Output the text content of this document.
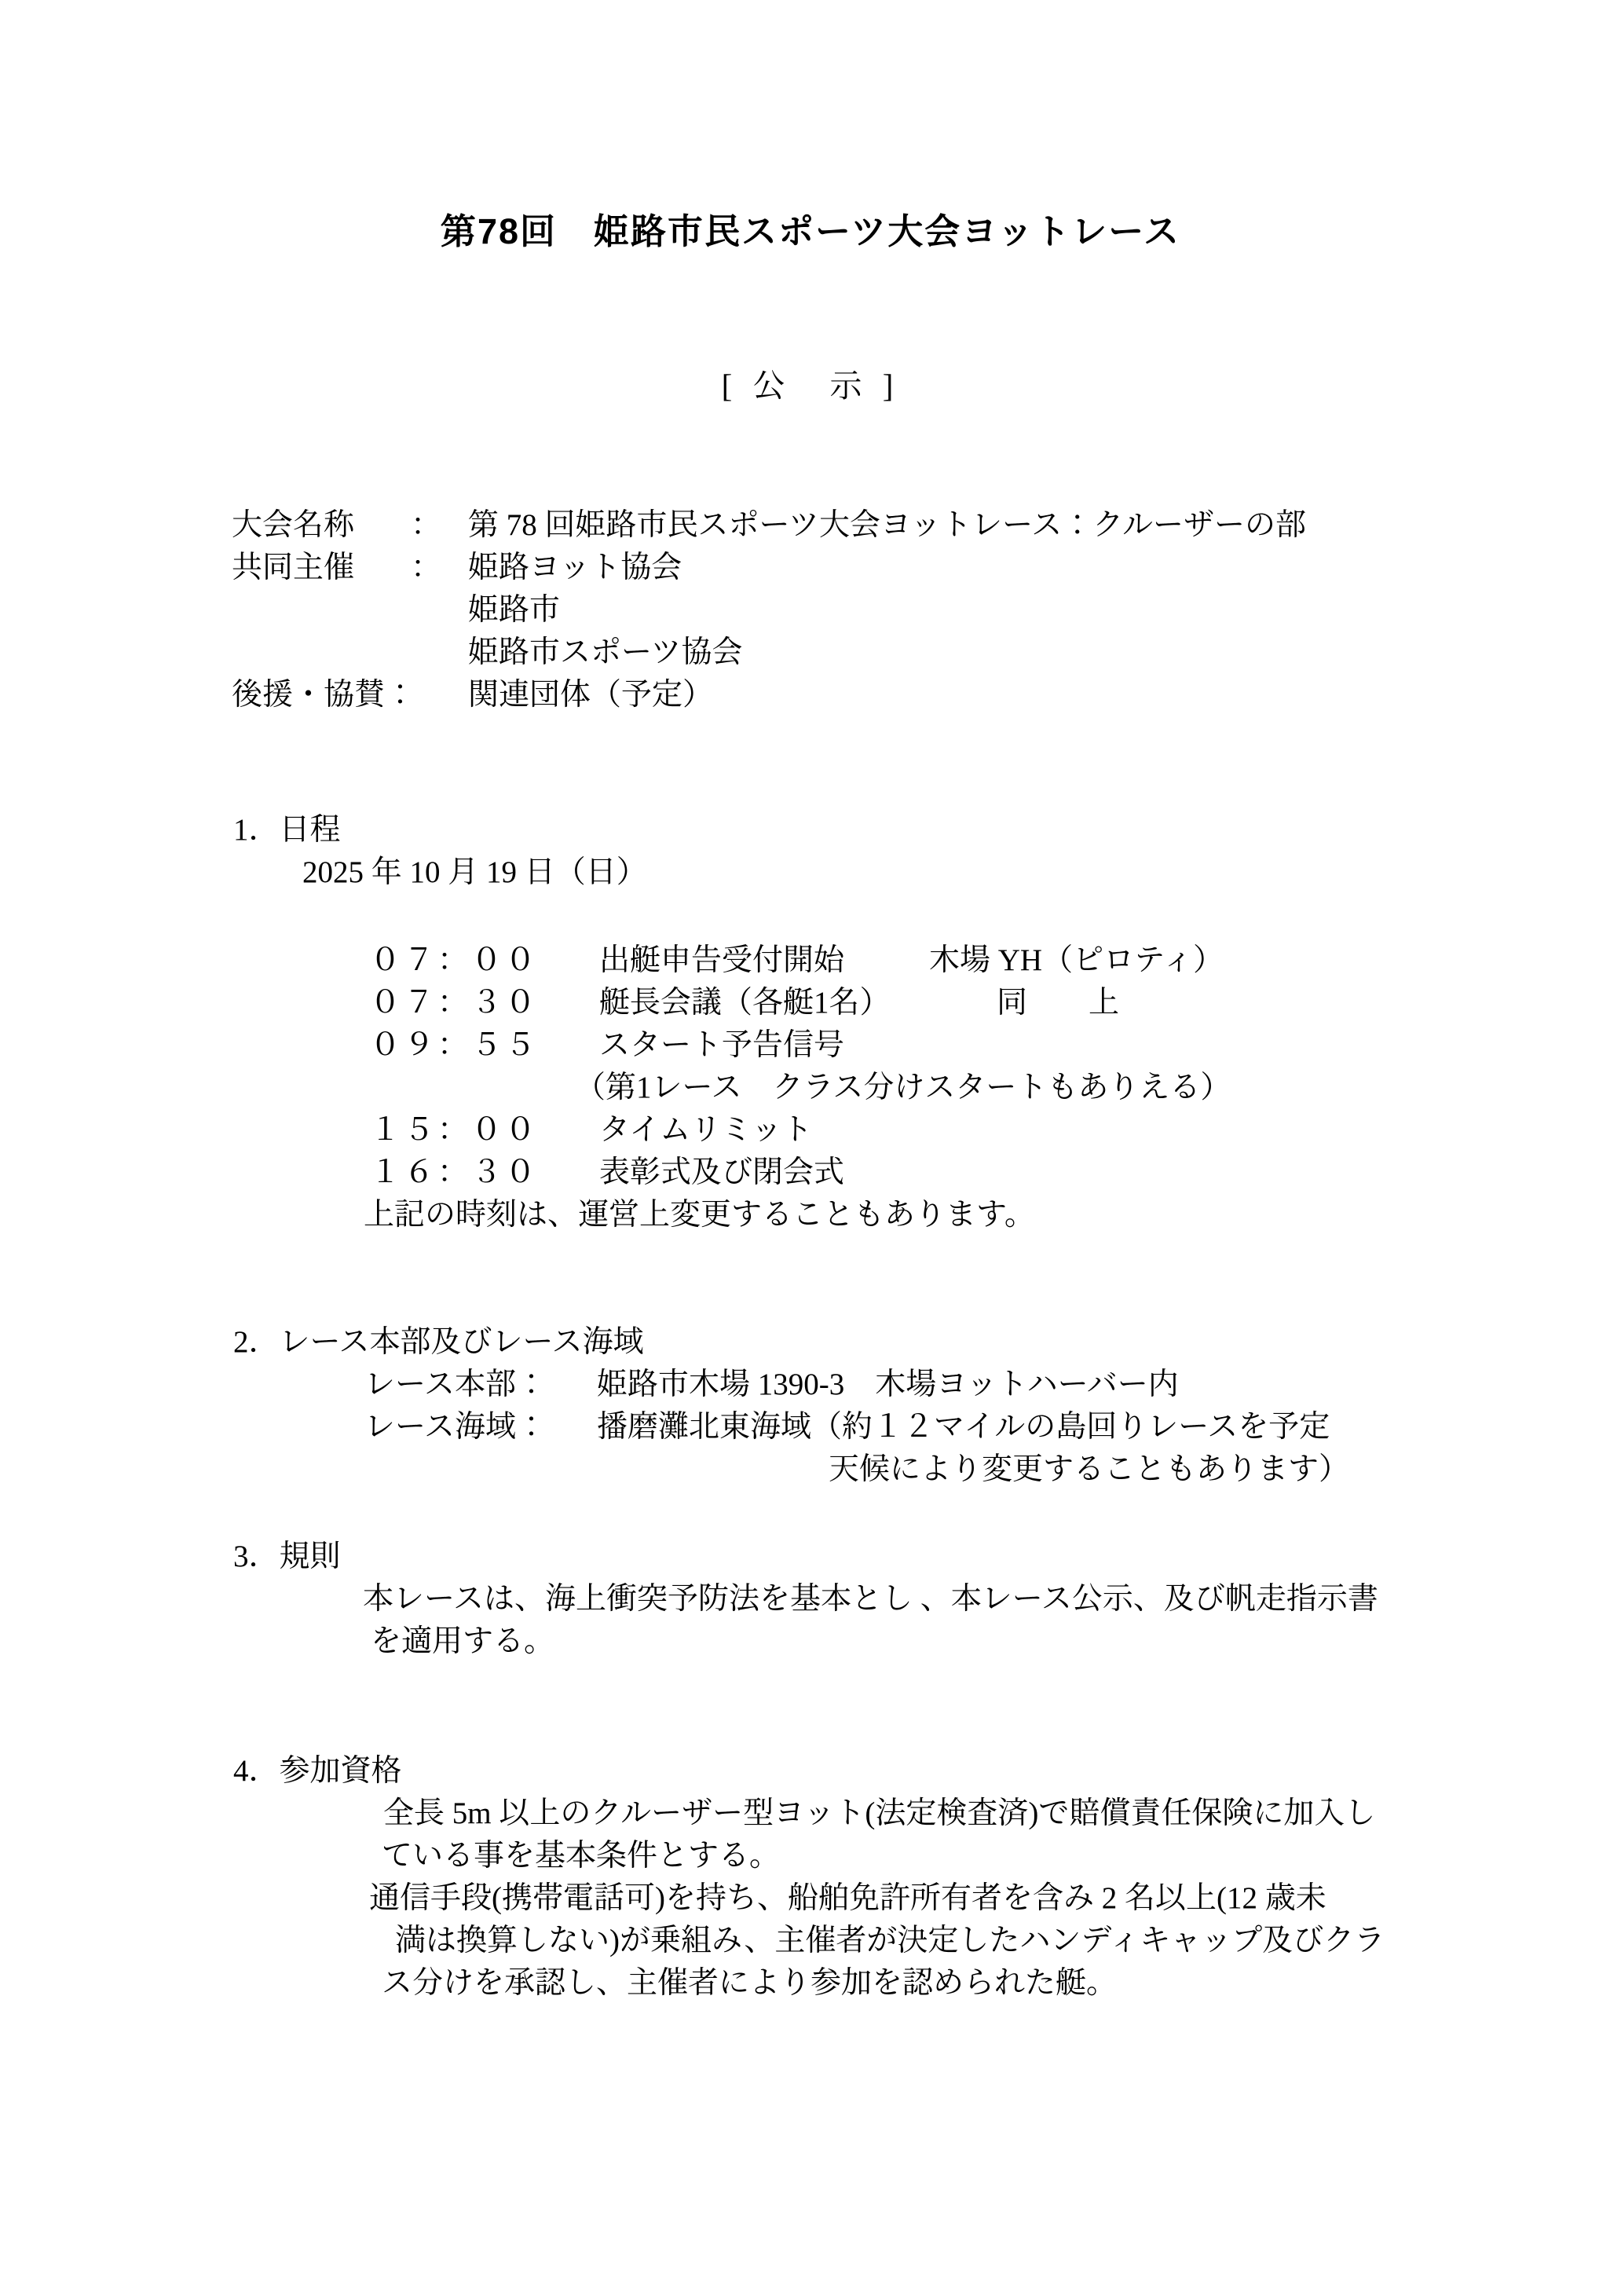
第78回　姫路市民スポーツ大会ヨットレース
[ 公　示 ]
大会名称	： 第 78 回姫路市民スポーツ大会ヨットレース：クルーザーの部
共同主催	： 姫路ヨット協会
姫路市
姫路市スポーツ協会
後援・協賛：	関連団体（予定）
1．日程
2025 年 10 月 19 日（日）
０７：００	出艇申告受付開始	木場 YH（ピロティ）
０７：３０	艇長会議（各艇1名）	同　　上
０９：５５	スタート予告信号
（第1レース　クラス分けスタートもありえる）
１５：００	タイムリミット
１６：３０	表彰式及び閉会式
上記の時刻は、運営上変更することもあります。
2．レース本部及びレース海域
レース本部：	姫路市木場 1390-3　木場ヨットハーバー内
レース海域：	播磨灘北東海域（約１２マイルの島回りレースを予定
天候により変更することもあります）
3．規則
本レースは、海上衝突予防法を基本とし 、本レース公示、及び帆走指示書
を適用する。
4．参加資格
全長 5m 以上のクルーザー型ヨット(法定検査済)で賠償責任保険に加入し
ている事を基本条件とする。
通信手段(携帯電話可)を持ち、船舶免許所有者を含み 2 名以上(12 歳未
満は換算しない)が乗組み、主催者が決定したハンディキャップ及びクラ
ス分けを承認し、主催者により参加を認められた艇。
